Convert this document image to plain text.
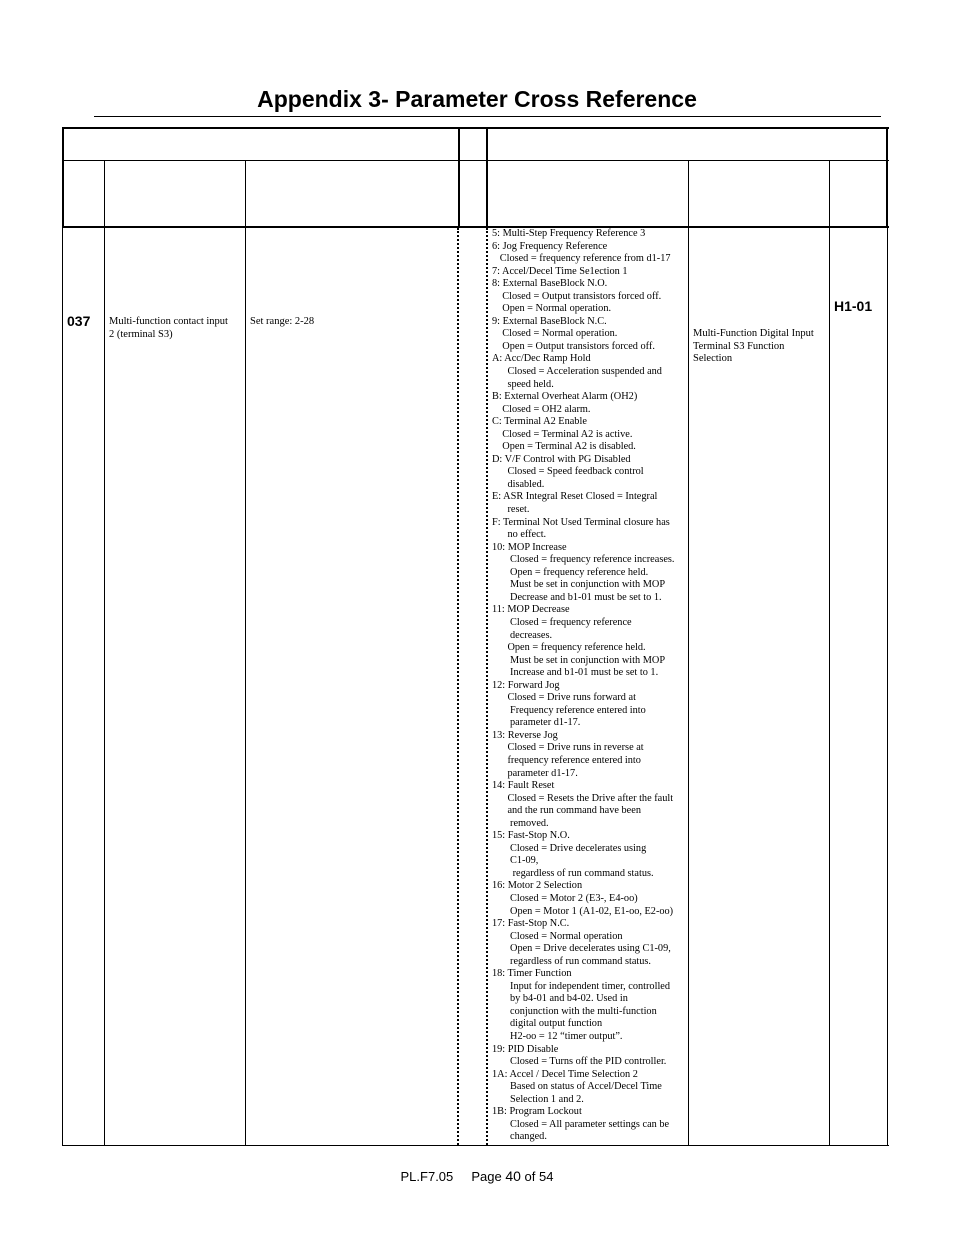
Appendix 3- Parameter Cross Reference
037 Multi-function contact input 2 (terminal S3)
Set range: 2-28
5: Multi-Step Frequency Reference 3
6: Jog Frequency Reference
Closed = frequency reference from d1-17
7: Accel/Decel Time Se1ection 1
8: External BaseBlock N.O.
Closed = Output transistors forced off.
Open = Normal operation.
9: External BaseBlock N.C.
Closed = Normal operation.
Open = Output transistors forced off.
A: Acc/Dec Ramp Hold
Closed = Acceleration suspended and
speed held.
B: External Overheat Alarm (OH2)
Closed = OH2 alarm.
C: Terminal A2 Enable
Closed = Terminal A2 is active.
Open = Terminal A2 is disabled.
D: V/F Control with PG Disabled
Closed = Speed feedback control
disabled.
E: ASR Integral Reset Closed = Integral
reset.
F: Terminal Not Used Terminal closure has
no effect.
10: MOP Increase
Closed = frequency reference increases.
Open = frequency reference held.
Must be set in conjunction with MOP
Decrease and b1-01 must be set to 1.
11: MOP Decrease
Closed = frequency reference
decreases.
Open = frequency reference held.
Must be set in conjunction with MOP
Increase and b1-01 must be set to 1.
12: Forward Jog
Closed = Drive runs forward at
Frequency reference entered into
parameter d1-17.
13: Reverse Jog
Closed = Drive runs in reverse at
frequency reference entered into
parameter d1-17.
14: Fault Reset
Closed = Resets the Drive after the fault
and the run command have been
removed.
15: Fast-Stop N.O.
Closed = Drive decelerates using
C1-09,
regardless of run command status.
16: Motor 2 Selection
Closed = Motor 2 (E3-, E4-oo)
Open = Motor 1 (A1-02, E1-oo, E2-oo)
17: Fast-Stop N.C.
Closed = Normal operation
Open = Drive decelerates using C1-09,
regardless of run command status.
18: Timer Function
Input for independent timer, controlled
by b4-01 and b4-02. Used in
conjunction with the multi-function
digital output function
H2-oo = 12 “timer output”.
19: PID Disable
Closed = Turns off the PID controller.
1A: Accel / Decel Time Selection 2
Based on status of Accel/Decel Time
Selection 1 and 2.
1B: Program Lockout
Closed = All parameter settings can be
changed.
Multi-Function Digital Input Terminal S3 Function Selection
H1-01
PL.F7.05 Page 40 of 54
